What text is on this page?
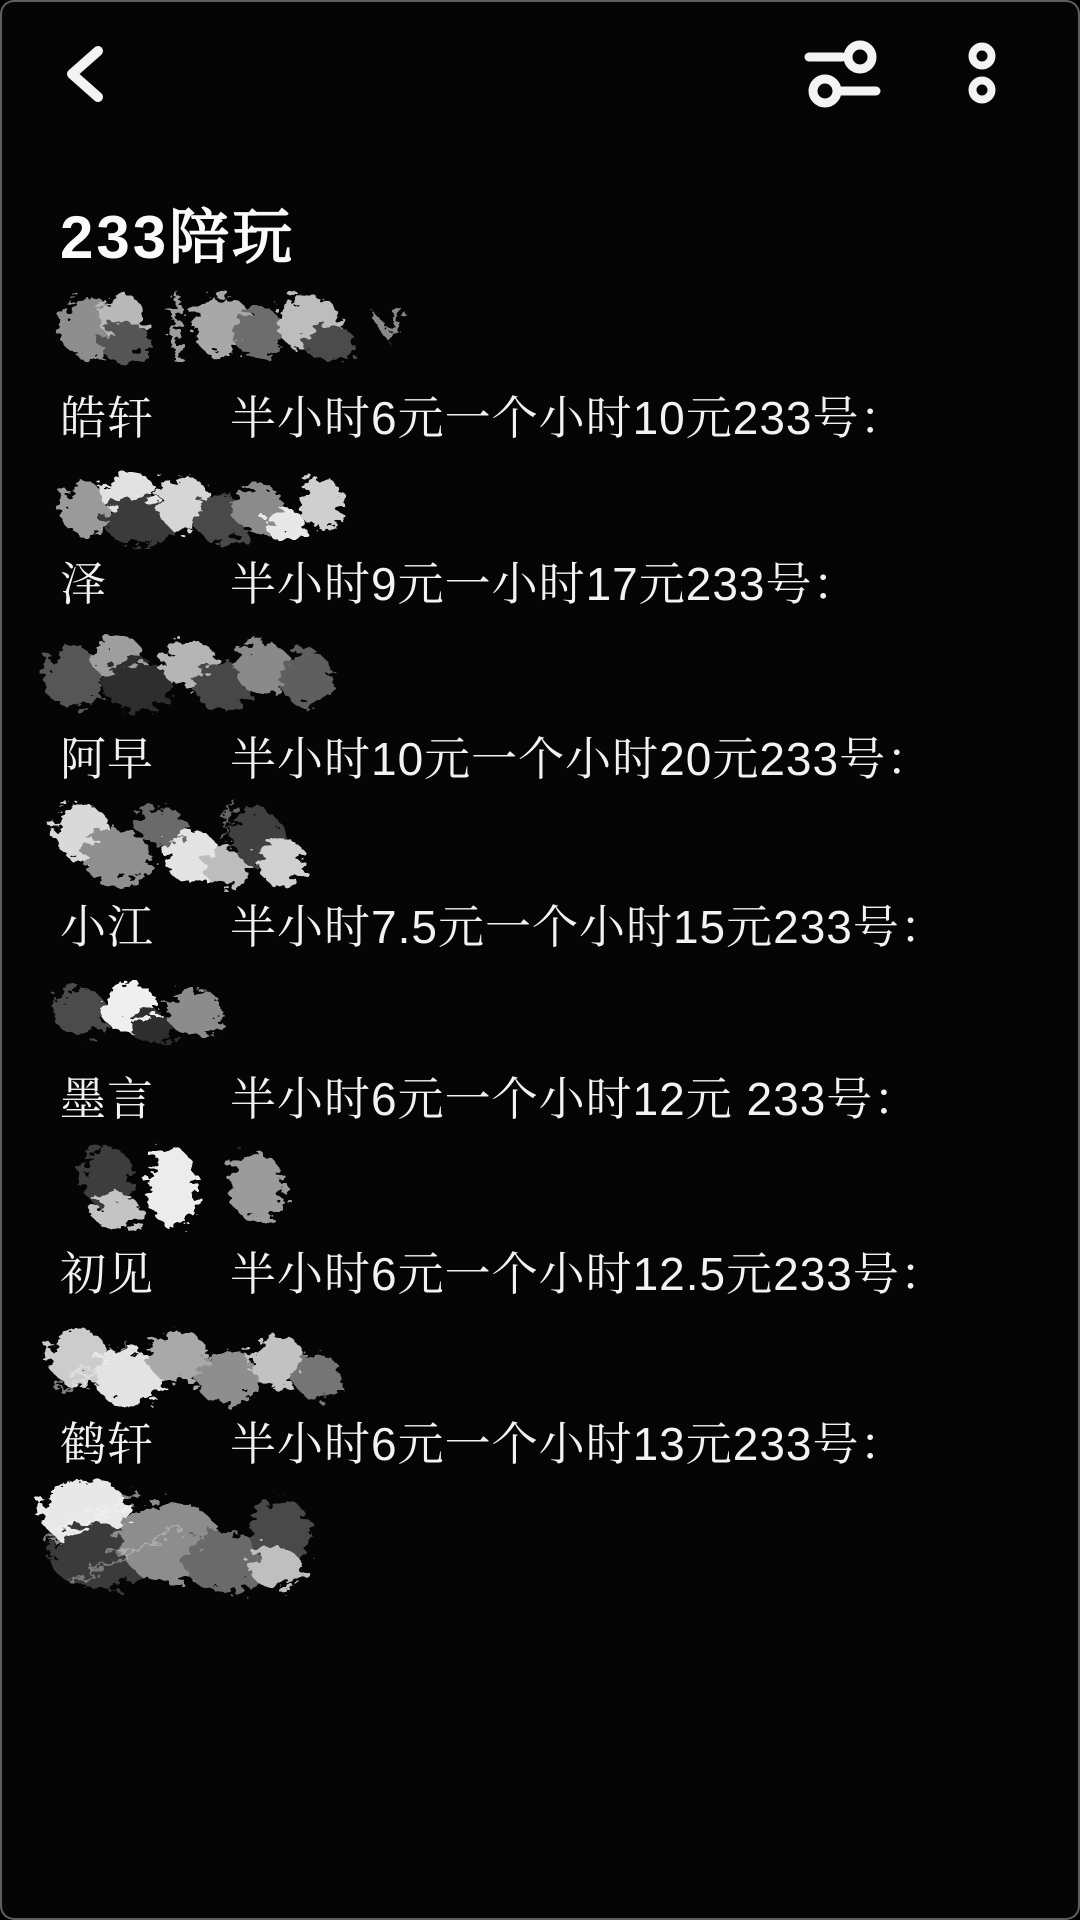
233陪玩
皓轩 半小时6元一个小时10元233号：
泽	半小时9元一小时17元233号：
阿早 半小时10元一个小时20元233号：
小江 半小时7.5元一个小时15元233号：
墨言 半小时6元一个小时12元 233号：
初见 半小时6元一个小时12.5元233号：
鹤轩 半小时6元一个小时13元233号：
